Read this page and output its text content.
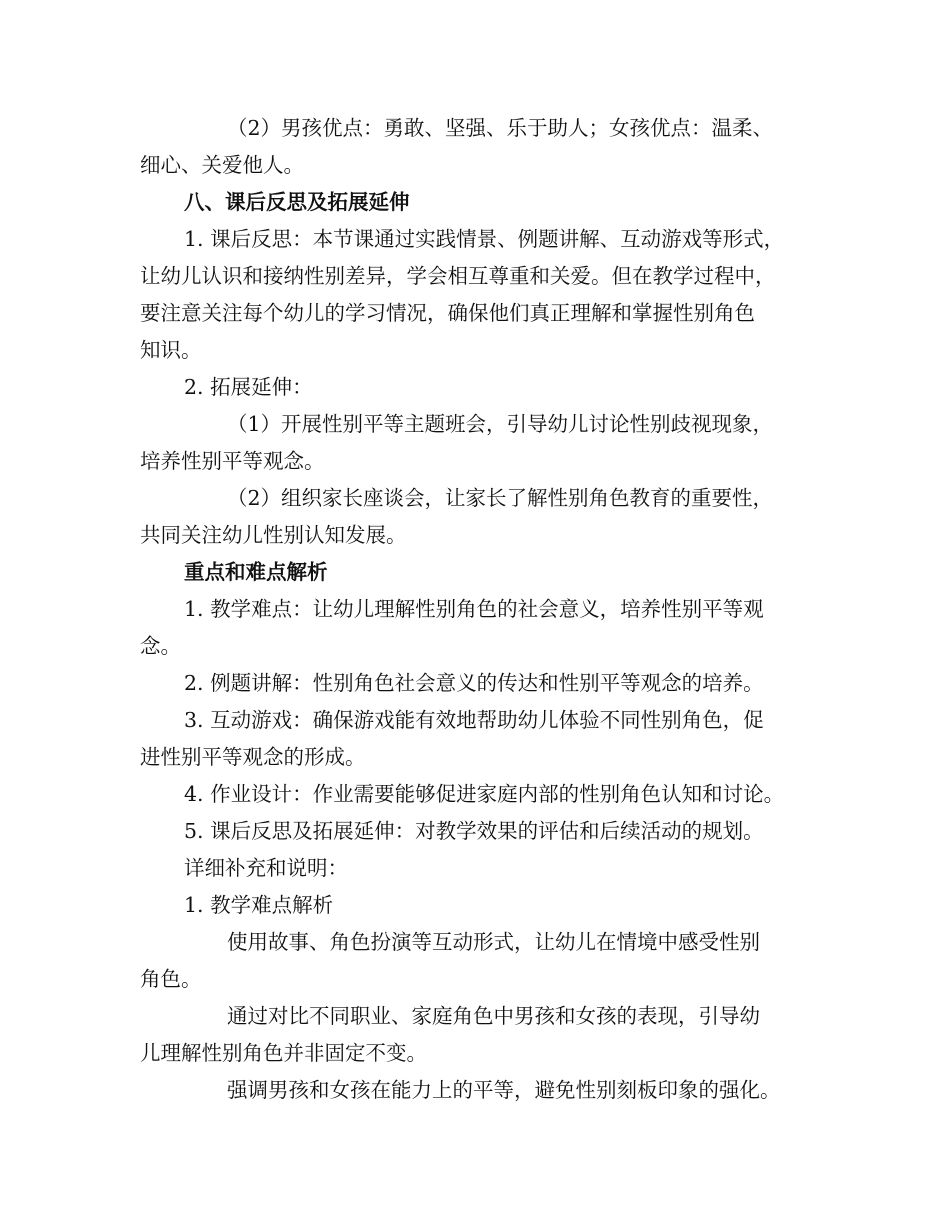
（2）男孩优点：勇敢、坚强、乐于助人；女孩优点：温柔、
细心、关爱他人。
八、课后反思及拓展延伸
1. 课后反思：本节课通过实践情景、例题讲解、互动游戏等形式，
让幼儿认识和接纳性别差异，学会相互尊重和关爱。但在教学过程中，
要注意关注每个幼儿的学习情况，确保他们真正理解和掌握性别角色
知识。
2. 拓展延伸：
（1）开展性别平等主题班会，引导幼儿讨论性别歧视现象，
培养性别平等观念。
（2）组织家长座谈会，让家长了解性别角色教育的重要性，
共同关注幼儿性别认知发展。
重点和难点解析
1. 教学难点：让幼儿理解性别角色的社会意义，培养性别平等观
念。
2. 例题讲解：性别角色社会意义的传达和性别平等观念的培养。
3. 互动游戏：确保游戏能有效地帮助幼儿体验不同性别角色，促
进性别平等观念的形成。
4. 作业设计：作业需要能够促进家庭内部的性别角色认知和讨论。
5. 课后反思及拓展延伸：对教学效果的评估和后续活动的规划。
详细补充和说明：
1. 教学难点解析
使用故事、角色扮演等互动形式，让幼儿在情境中感受性别
角色。
通过对比不同职业、家庭角色中男孩和女孩的表现，引导幼
儿理解性别角色并非固定不变。
强调男孩和女孩在能力上的平等，避免性别刻板印象的强化。
